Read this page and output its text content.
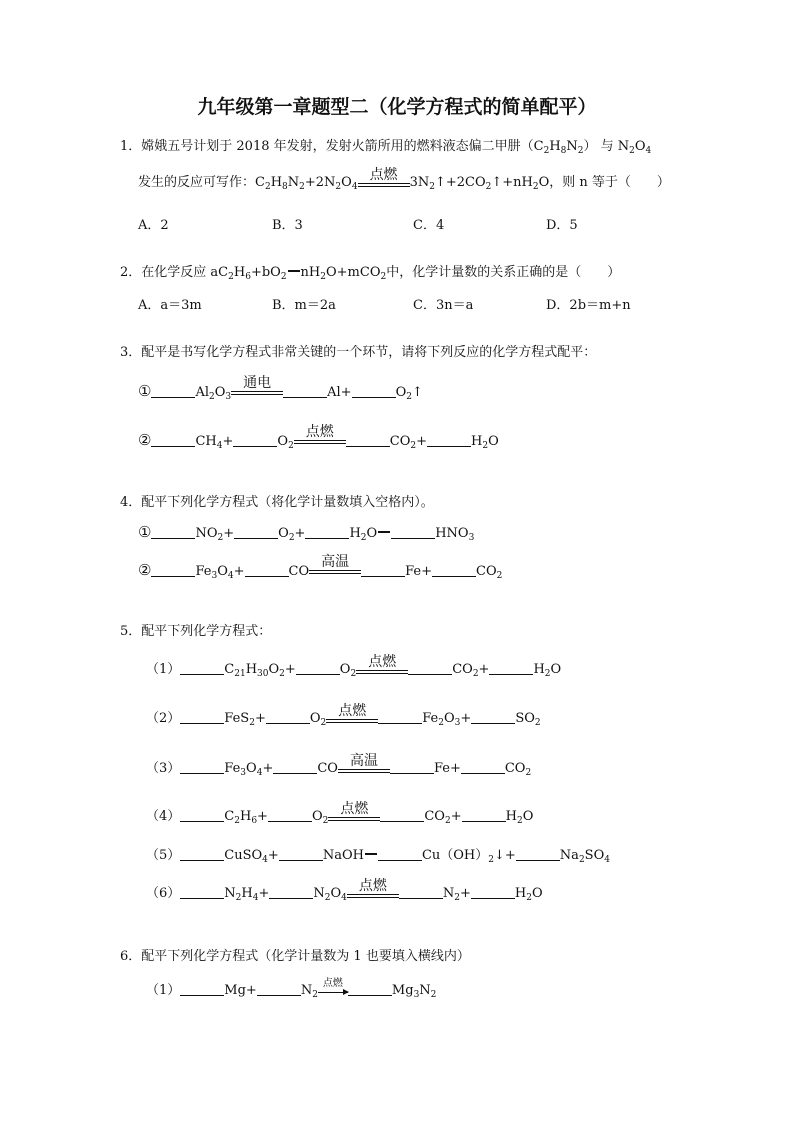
九年级第一章题型二（化学方程式的简单配平）
1．嫦娥五号计划于 2018 年发射，发射火箭所用的燃料液态偏二甲肼$(C_2H_8N_2)$ 与 $N_2O_4$
发生的反应可写作：$C_2H_8N_2+2N_2O_4$
点燃 $3N_2↑+2CO_2↑+nH_2O$，则 n 等于（　　）
A．2	B．3	C．4	D．5
2．在化学反应 $aC_2H_6+bO_2$ $nH_2O+mCO_2$中，化学计量数的关系正确的是（　　）
A．a＝3m	B．m＝2a	C．3n＝a	D．2b＝m+n
3．配平是书写化学方程式非常关键的一个环节，请将下列反应的化学方程式配平：
①	$Al_2O_3$
通电
Al+	$O_2↑$
②	$CH_4+$	$O_2$
点燃
$CO_2+$	$H_2O$
4．配平下列化学方程式（将化学计量数填入空格内）。
①	$NO_2+$	$O_2+$	$H_2O$	$HNO_3$
②	$Fe_3O_4+$	CO
高温
Fe+	$CO_2$
5．配平下列化学方程式：
（1）	$C_{21}H_{30}O_2+$	$O_2$
点燃	$CO_2+$	$H_2O$
（2）	FeS$_2$+	$O_2$
点燃	$Fe_2O_3+$	$SO_2$
（3）	$Fe_3O_4+$	CO 高温	Fe+	$CO_2$
（4）	$C_2H_6+$	$O_2$
点燃	$CO_2+$	$H_2O$
（5）	CuSO$_4$+	NaOH	$Cu(OH)_2↓+$	$Na_2SO_4$
（6）	$N_2H_4+$	$N_2O_4$
点燃	$N_2+$	$H_2O$
6．配平下列化学方程式（化学计量数为 1 也要填入横线内）
（1）	Mg+	$N_2$
点燃	$Mg_3N_2$
